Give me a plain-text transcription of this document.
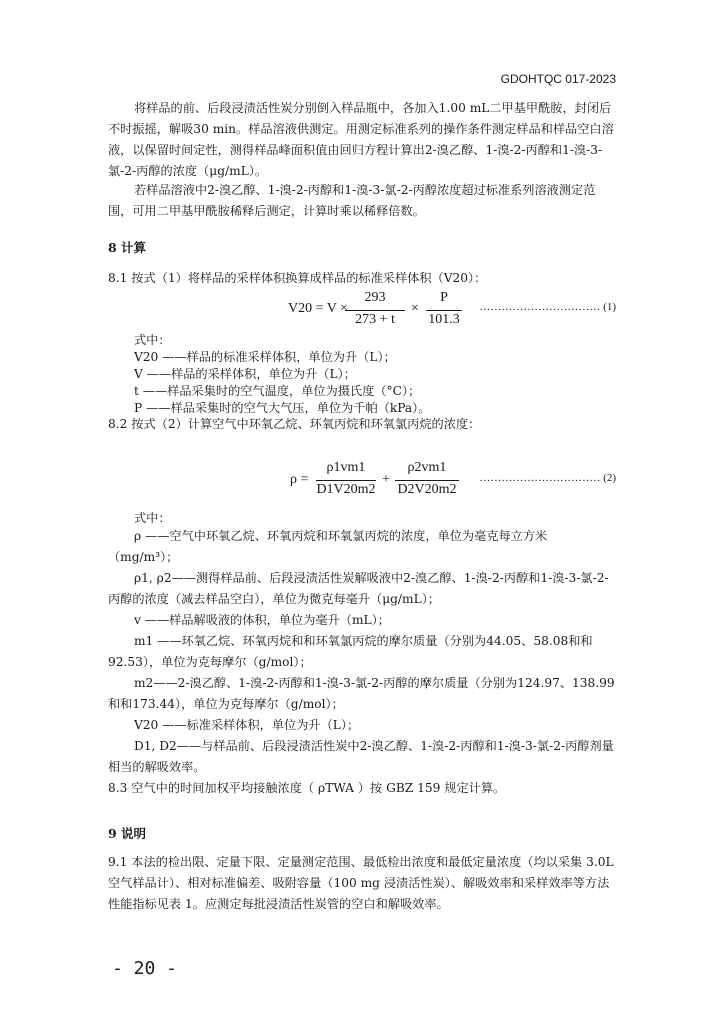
GDOHTQC 017-2023
将样品的前、后段浸渍活性炭分别倒入样品瓶中，各加入1.00 mL二甲基甲酰胺，封闭后不时振摇，解吸30 min。样品溶液供测定。用测定标准系列的操作条件测定样品和样品空白溶液，以保留时间定性，测得样品峰面积值由回归方程计算出2-溴乙醇、1-溴-2-丙醇和1-溴-3-氯-2-丙醇的浓度（μg/mL）。
若样品溶液中2-溴乙醇、1-溴-2-丙醇和1-溴-3-氯-2-丙醇浓度超过标准系列溶液测定范围，可用二甲基甲酰胺稀释后测定，计算时乘以稀释倍数。
8 计算
8.1 按式（1）将样品的采样体积换算成样品的标准采样体积（V20）：
V20 = V ×
293
273 + t
×
P
101.3
…………………………… (1)
式中：
V20 ——样品的标准采样体积，单位为升（L）；
V ——样品的采样体积，单位为升（L）；
t ——样品采集时的空气温度，单位为摄氏度（°C）；
P ——样品采集时的空气大气压，单位为千帕（kPa）。
8.2 按式（2）计算空气中环氧乙烷、环氧丙烷和环氧氯丙烷的浓度：
ρ =
ρ1vm1
D1V20m2
+
ρ2vm1
D2V20m2
…………………………… (2)
式中：
ρ ——空气中环氧乙烷、环氧丙烷和环氧氯丙烷的浓度，单位为毫克每立方米（mg/m³）；
ρ1, ρ2——测得样品前、后段浸渍活性炭解吸液中2-溴乙醇、1-溴-2-丙醇和1-溴-3-氯-2-丙醇的浓度（减去样品空白），单位为微克每毫升（μg/mL）；
v ——样品解吸液的体积，单位为毫升（mL）；
m1 ——环氧乙烷、环氧丙烷和和环氧氯丙烷的摩尔质量（分别为44.05、58.08和和92.53），单位为克每摩尔（g/mol）；
m2——2-溴乙醇、1-溴-2-丙醇和1-溴-3-氯-2-丙醇的摩尔质量（分别为124.97、138.99和和173.44），单位为克每摩尔（g/mol）；
V20 ——标准采样体积，单位为升（L）；
D1, D2——与样品前、后段浸渍活性炭中2-溴乙醇、1-溴-2-丙醇和1-溴-3-氯-2-丙醇剂量相当的解吸效率。
8.3 空气中的时间加权平均接触浓度（ ρTWA ）按 GBZ 159 规定计算。
9 说明
9.1 本法的检出限、定量下限、定量测定范围、最低检出浓度和最低定量浓度（均以采集 3.0L 空气样品计）、相对标准偏差、吸附容量（100 mg 浸渍活性炭）、解吸效率和采样效率等方法性能指标见表 1。应测定每批浸渍活性炭管的空白和解吸效率。
- 20 -
